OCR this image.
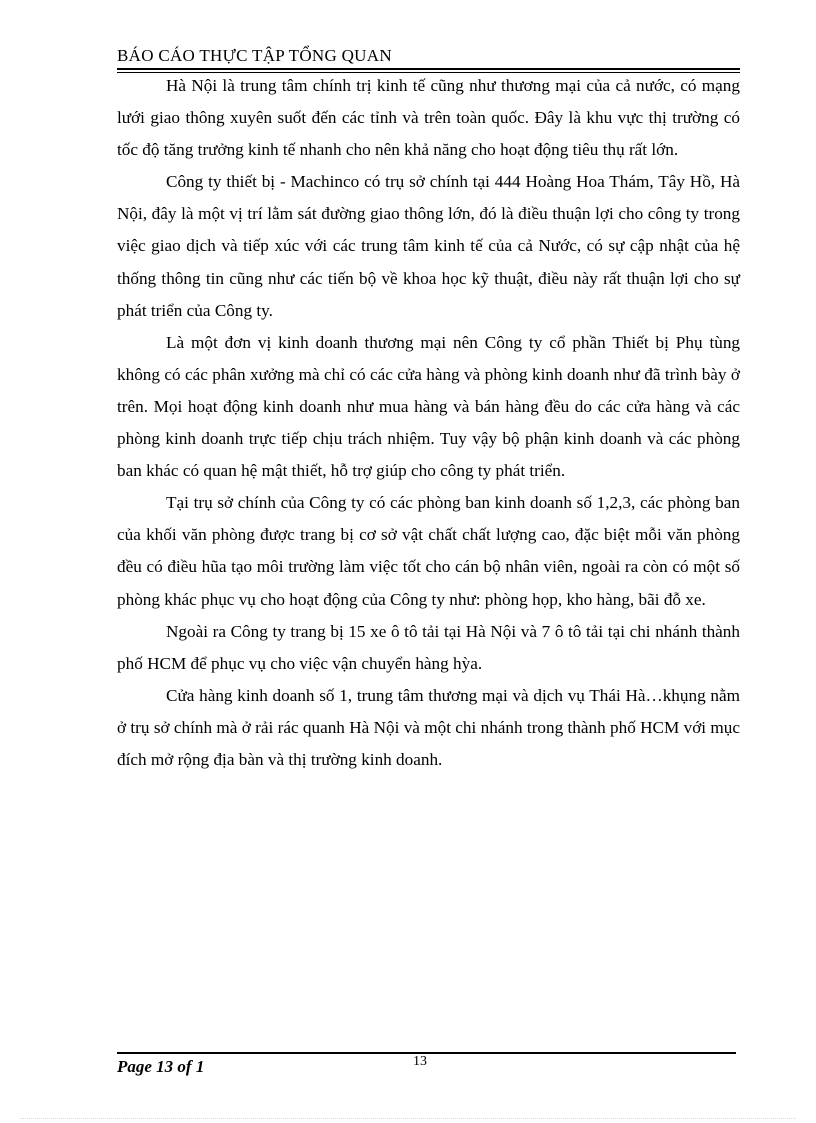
BÁO CÁO THỰC TẬP TỔNG QUAN

Hà Nội là trung tâm chính trị kinh tế cũng như thương mại của cả nước, có mạng lưới giao thông xuyên suốt đến các tỉnh và trên toàn quốc. Đây là khu vực thị trường có tốc độ tăng trưởng kinh tế nhanh cho nên khả năng cho hoạt động tiêu thụ rất lớn.

Công ty thiết bị - Machinco có trụ sở chính tại 444 Hoàng Hoa Thám, Tây Hồ, Hà Nội, đây là một vị trí lằm sát đường giao thông lớn, đó là điều thuận lợi cho công ty trong việc giao dịch và tiếp xúc với các trung tâm kinh tế của cả Nước, có sự cập nhật của hệ thống thông tin cũng như các tiến bộ về khoa học kỹ thuật, điều này rất thuận lợi cho sự phát triển của Công ty.

Là một đơn vị kinh doanh thương mại nên Công ty cổ phần Thiết bị Phụ tùng không có các phân xưởng mà chỉ có các cửa hàng và phòng kinh doanh như đã trình bày ở trên. Mọi hoạt động kinh doanh như mua hàng và bán hàng đều do các cửa hàng và các phòng kinh doanh trực tiếp chịu trách nhiệm. Tuy vậy bộ phận kinh doanh và các phòng ban khác có quan hệ mật thiết, hỗ trợ giúp cho công ty phát triển.

Tại trụ sở chính của Công ty có các phòng ban kinh doanh số 1,2,3, các phòng ban của khối văn phòng được trang bị cơ sở vật chất chất lượng cao, đặc biệt mỗi văn phòng đều có điều hũa tạo môi trường làm việc tốt cho cán bộ nhân viên, ngoài ra còn có một số phòng khác phục vụ cho hoạt động của Công ty như: phòng họp, kho hàng, bãi đỗ xe.

Ngoài ra Công ty trang bị 15 xe ô tô tải tại Hà Nội và 7 ô tô tải tại chi nhánh thành phố HCM để phục vụ cho việc vận chuyển hàng hỳa.

Cửa hàng kinh doanh số 1, trung tâm thương mại và dịch vụ Thái Hà…khụng nằm ở trụ sở chính mà ở rải rác quanh Hà Nội và một chi nhánh trong thành phố HCM với mục đích mở rộng địa bàn và thị trường kinh doanh.

Page 13 of 1	13
